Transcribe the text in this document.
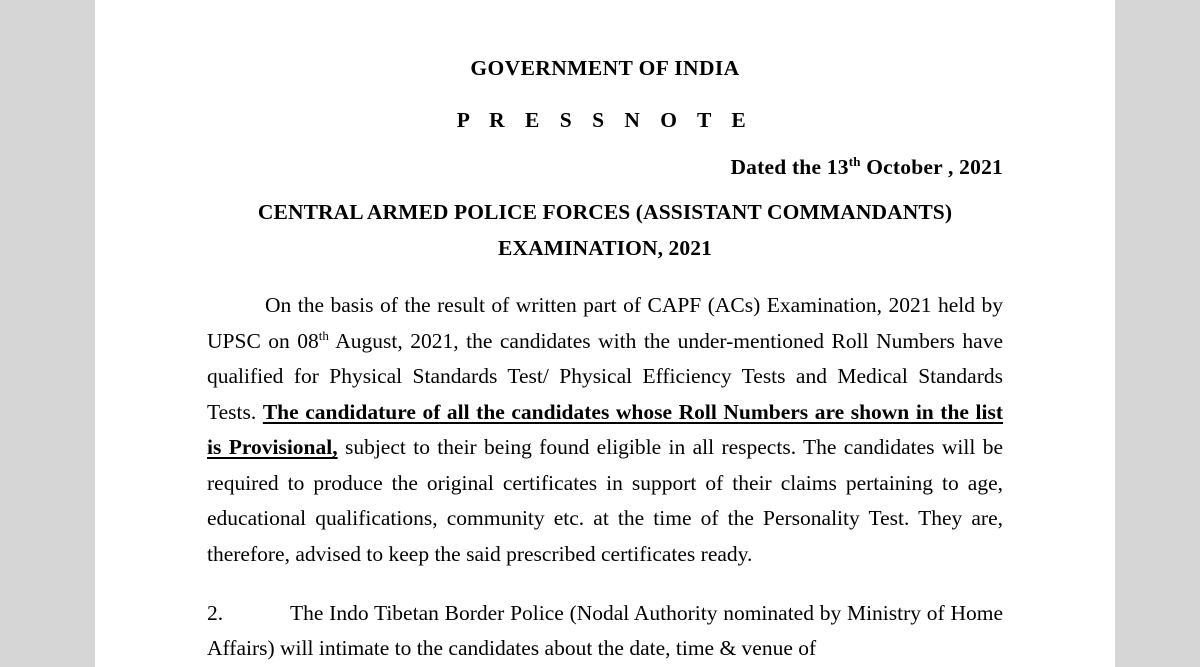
GOVERNMENT OF INDIA
P R E S S N O T E
Dated the 13th October , 2021
CENTRAL ARMED POLICE FORCES (ASSISTANT COMMANDANTS)
EXAMINATION, 2021

On the basis of the result of written part of CAPF (ACs) Examination, 2021 held by UPSC on 08th August, 2021, the candidates with the under-mentioned Roll Numbers have qualified for Physical Standards Test/ Physical Efficiency Tests and Medical Standards Tests. The candidature of all the candidates whose Roll Numbers are shown in the list is Provisional, subject to their being found eligible in all respects. The candidates will be required to produce the original certificates in support of their claims pertaining to age, educational qualifications, community etc. at the time of the Personality Test. They are, therefore, advised to keep the said prescribed certificates ready.

2.	The Indo Tibetan Border Police (Nodal Authority nominated by Ministry of Home Affairs) will intimate to the candidates about the date, time & venue of
